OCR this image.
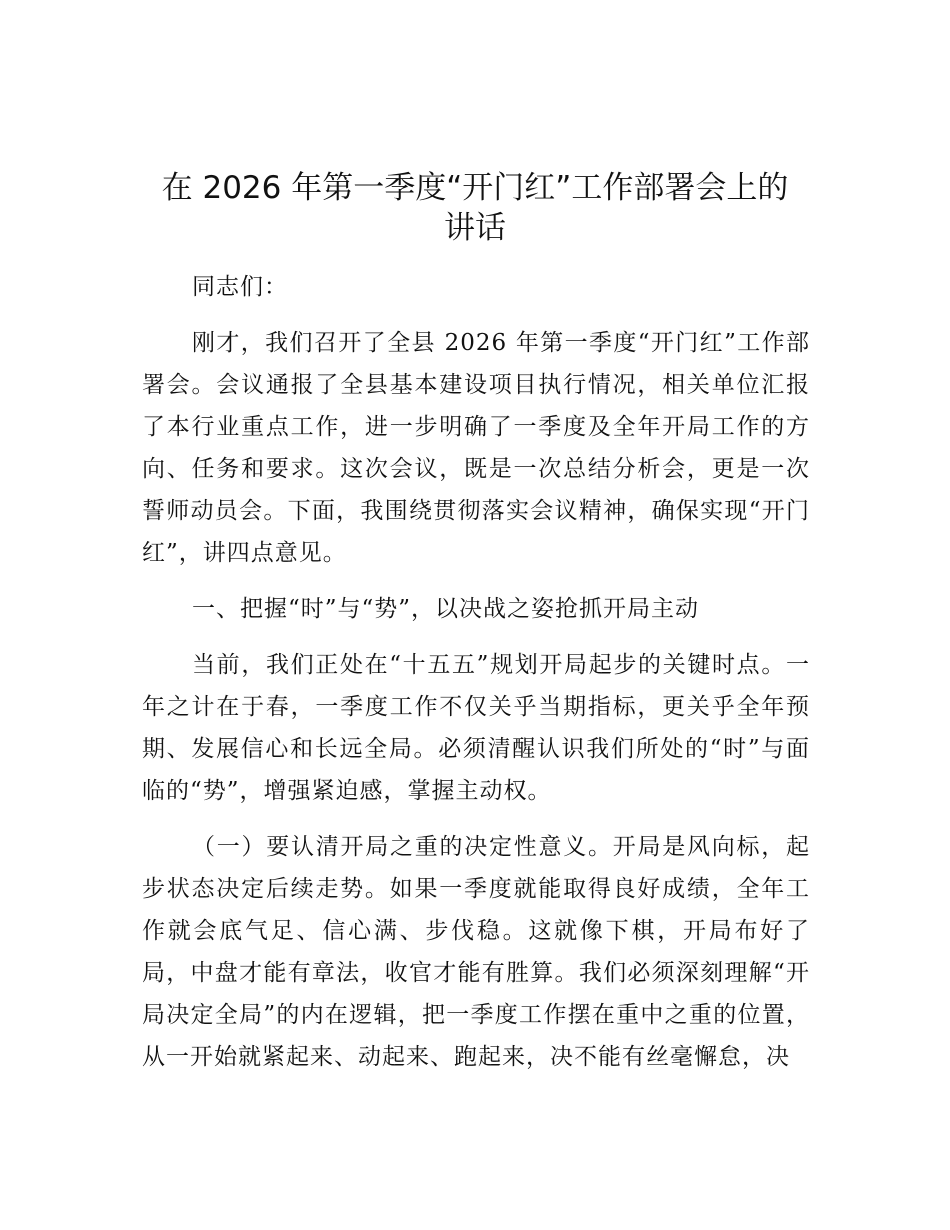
在 2026 年第一季度“开门红”工作部署会上的
讲话

同志们：

刚才，我们召开了全县 2026 年第一季度“开门红”工作部署会。会议通报了全县基本建设项目执行情况，相关单位汇报了本行业重点工作，进一步明确了一季度及全年开局工作的方向、任务和要求。这次会议，既是一次总结分析会，更是一次誓师动员会。下面，我围绕贯彻落实会议精神，确保实现“开门红”，讲四点意见。

一、把握“时”与“势”，以决战之姿抢抓开局主动

当前，我们正处在“十五五”规划开局起步的关键时点。一年之计在于春，一季度工作不仅关乎当期指标，更关乎全年预期、发展信心和长远全局。必须清醒认识我们所处的“时”与面临的“势”，增强紧迫感，掌握主动权。

（一）要认清开局之重的决定性意义。开局是风向标，起步状态决定后续走势。如果一季度就能取得良好成绩，全年工作就会底气足、信心满、步伐稳。这就像下棋，开局布好了局，中盘才能有章法，收官才能有胜算。我们必须深刻理解“开局决定全局”的内在逻辑，把一季度工作摆在重中之重的位置，从一开始就紧起来、动起来、跑起来，决不能有丝毫懈怠，决
